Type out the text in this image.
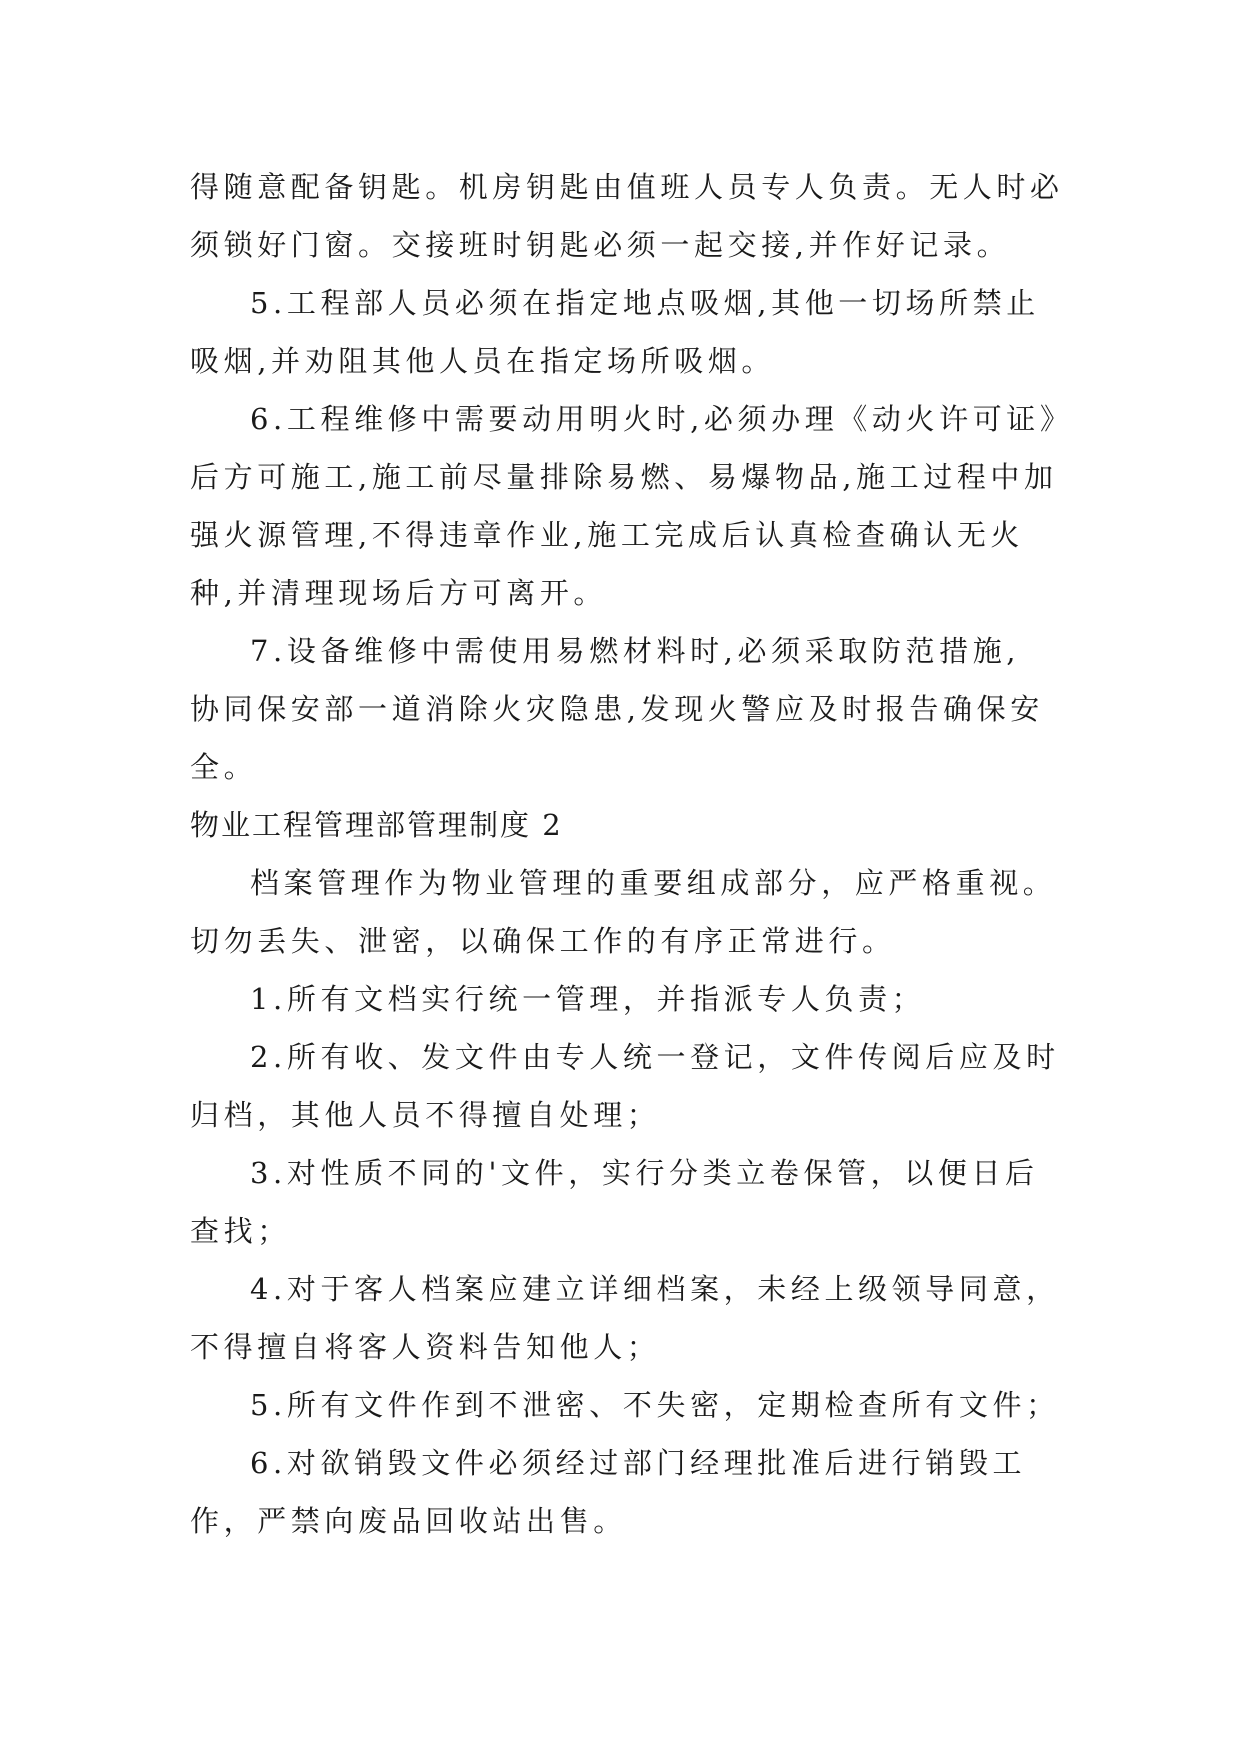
得随意配备钥匙。机房钥匙由值班人员专人负责。无人时必
须锁好门窗。交接班时钥匙必须一起交接,并作好记录。
5.工程部人员必须在指定地点吸烟,其他一切场所禁止
吸烟,并劝阻其他人员在指定场所吸烟。
6.工程维修中需要动用明火时,必须办理《动火许可证》
后方可施工,施工前尽量排除易燃、易爆物品,施工过程中加
强火源管理,不得违章作业,施工完成后认真检查确认无火
种,并清理现场后方可离开。
7.设备维修中需使用易燃材料时,必须采取防范措施,
协同保安部一道消除火灾隐患,发现火警应及时报告确保安
全。
物业工程管理部管理制度 2
档案管理作为物业管理的重要组成部分，应严格重视。
切勿丢失、泄密，以确保工作的有序正常进行。
1.所有文档实行统一管理，并指派专人负责；
2.所有收、发文件由专人统一登记，文件传阅后应及时
归档，其他人员不得擅自处理；
3.对性质不同的'文件，实行分类立卷保管，以便日后
查找；
4.对于客人档案应建立详细档案，未经上级领导同意，
不得擅自将客人资料告知他人；
5.所有文件作到不泄密、不失密，定期检查所有文件；
6.对欲销毁文件必须经过部门经理批准后进行销毁工
作，严禁向废品回收站出售。
